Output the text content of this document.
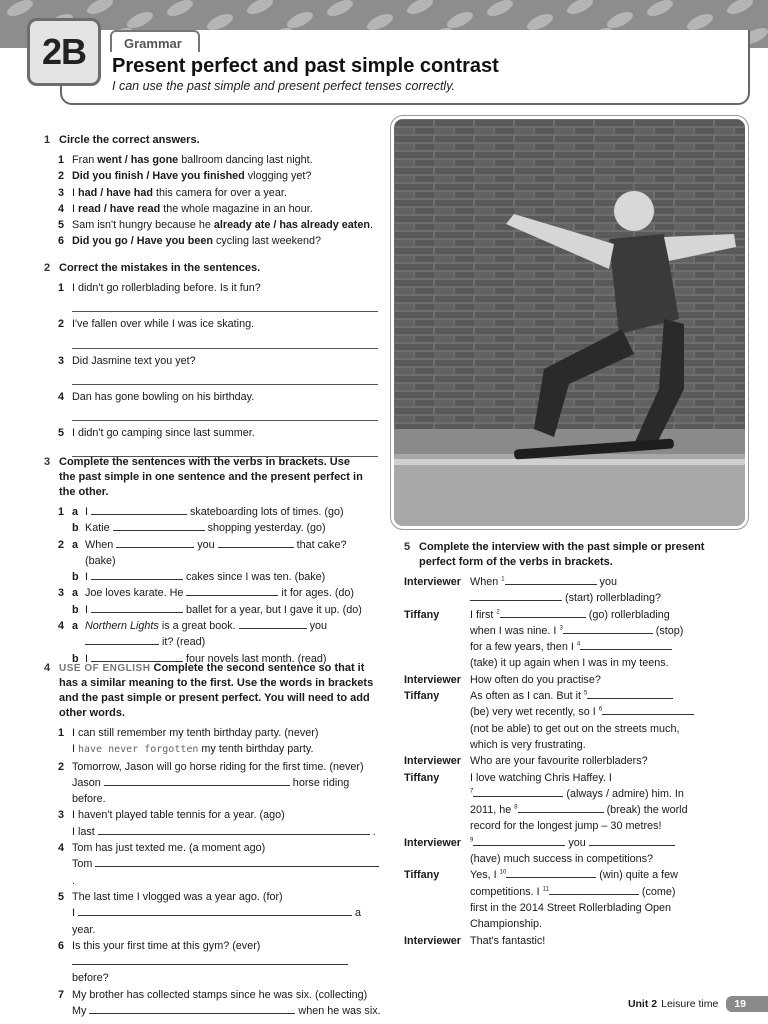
2B	Grammar
Present perfect and past simple contrast
I can use the past simple and present perfect tenses correctly.
1 Circle the correct answers.
1 Fran went / has gone ballroom dancing last night.
2 Did you finish / Have you finished vlogging yet?
3 I had / have had this camera for over a year.
4 I read / have read the whole magazine in an hour.
5 Sam isn't hungry because he already ate / has already eaten.
6 Did you go / Have you been cycling last weekend?
2 Correct the mistakes in the sentences.
1 I didn't go rollerblading before. Is it fun?
2 I've fallen over while I was ice skating.
3 Did Jasmine text you yet?
4 Dan has gone bowling on his birthday.
5 I didn't go camping since last summer.
3 Complete the sentences with the verbs in brackets. Use the past simple in one sentence and the present perfect in the other.
1 a I	skateboarding lots of times. (go)
b Katie	shopping yesterday. (go)
2 a When	you	that cake? (bake)
b I	cakes since I was ten. (bake)
3 a Joe loves karate. He	it for ages. (do)
b I	ballet for a year, but I gave it up. (do)
4 a Northern Lights is a great book.	you
it? (read)
b I	four novels last month. (read)
4 USE OF ENGLISH Complete the second sentence so that it has a similar meaning to the first. Use the words in brackets and the past simple or present perfect. You will need to add other words.
1 I can still remember my tenth birthday party. (never)
I have never forgotten my tenth birthday party.
2 Tomorrow, Jason will go horse riding for the first time. (never)
Jason	horse riding before.
3 I haven't played table tennis for a year. (ago)
I last	.
4 Tom has just texted me. (a moment ago)
Tom  .
5 The last time I vlogged was a year ago. (for)
I	a year.
6 Is this your first time at this gym? (ever)
before?
7 My brother has collected stamps since he was six. (collecting)
My	when he was six.
5 Complete the interview with the past simple or present perfect form of the verbs in brackets.
Interviewer When $^1$	you
(start) rollerblading?
Tiffany	I first $^2$	(go) rollerblading
when I was nine. I $^3$	(stop)
for a few years, then I $^4$
(take) it up again when I was in my teens.
Interviewer How often do you practise?
Tiffany	As often as I can. But it $^5$
(be) very wet recently, so I $^6$
(not be able) to get out on the streets much,
which is very frustrating.
Interviewer Who are your favourite rollerbladers?
Tiffany	I love watching Chris Haffey. I
$^7$	(always / admire) him. In
2011, he $^8$	(break) the world
record for the longest jump – 30 metres!
Interviewer	$^9$	you
(have) much success in competitions?
Tiffany	Yes, I $^{10}$	(win) quite a few
competitions. I $^{11}$	(come)
first in the 2014 Street Rollerblading Open
Championship.
Interviewer That's fantastic!
Unit 2 Leisure time	19
